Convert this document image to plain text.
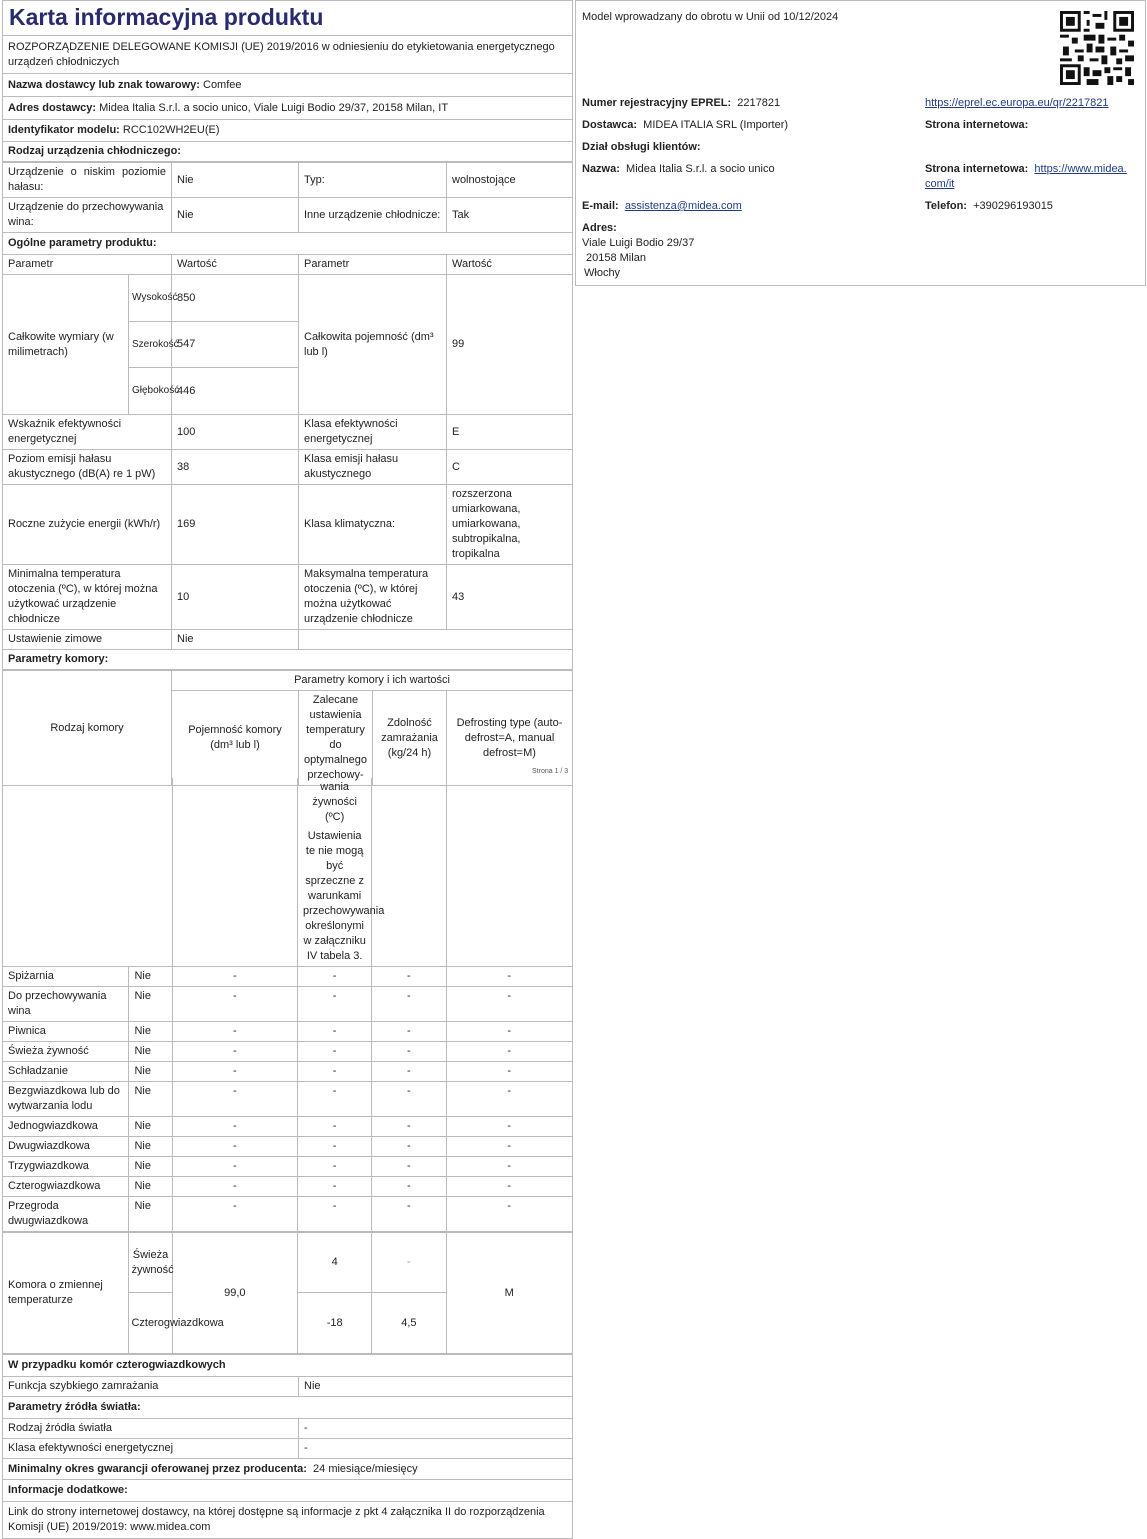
Karta informacyjna produktu
ROZPORZĄDZENIE DELEGOWANE KOMISJI (UE) 2019/2016 w odniesieniu do etykietowania energetycznego urządzeń chłodniczych
Nazwa dostawcy lub znak towarowy: Comfee
Adres dostawcy: Midea Italia S.r.l. a socio unico, Viale Luigi Bodio 29/37, 20158 Milan, IT
Identyfikator modelu: RCC102WH2EU(E)
Rodzaj urządzenia chłodniczego:
Urządzenie o niskim poziomie hałasu:		Nie	Typ:	wolnostojące
Urządzenie do przechowywania wina:		Nie	Inne urządzenie chłodnicze:	Tak
Ogólne parametry produktu:				
Parametr		Wartość	Parametr	Wartość
Całkowite wymiary (w milimetrach)	Wysokość	850	Całkowita pojemność (dm³ lub l)	99
	Szerokość	547		
	Głębokość	446		
Wskaźnik efektywności energetycznej		100	Klasa efektywności energetycznej	E
Poziom emisji hałasu akustycznego (dB(A) re 1 pW)		38	Klasa emisji hałasu akustycznego	C
Roczne zużycie energii (kWh/r)		169	Klasa klimatyczna:	rozszerzona umiarkowana, umiarkowana, subtropikalna, tropikalna
Minimalna temperatura otoczenia (ºC), w której można użytkować urządzenie chłodnicze		10	Maksymalna temperatura otoczenia (ºC), w której można użytkować urządzenie chłodnicze	43
Ustawienie zimowe		Nie		
Parametry komory:				
Rodzaj komory	Parametry komory i ich wartości			
	Pojemność komory (dm³ lub l)	Zalecane ustawienia temperatury do optymalnego przechowy-	Zdolność zamrażania (kg/24 h)	Defrosting type (auto-defrost=A, manual defrost=M)
Strona 1 / 3

			wania żywności (ºC)
Ustawienia te nie mogą być sprzeczne z warunkami przechowywania określonymi w załączniku IV tabela 3.		

Spiżarnia	Nie	-	-	-	-
Do przechowywania wina	Nie	-	-	-	-
Piwnica	Nie	-	-	-	-
Świeża żywność	Nie	-	-	-	-
Schładzanie	Nie	-	-	-	-
Bezgwiazdkowa lub do wytwarzania lodu	Nie	-	-	-	-
Jednogwiazdkowa	Nie	-	-	-	-
Dwugwiazdkowa	Nie	-	-	-	-
Trzygwiazdkowa	Nie	-	-	-	-
Czterogwiazdkowa	Nie	-	-	-	-
Przegroda dwugwiazdkowa	Nie	-	-	-	-
Komora o zmiennej temperaturze	Świeża żywność	99,0	4	-	M
	Czterogwiazdkowa		-18	4,5	
W przypadku komór czterogwiazdkowych	
Funkcja szybkiego zamrażania	Nie
Parametry źródła światła:	
Rodzaj źródła światła	-
Klasa efektywności energetycznej	-
Minimalny okres gwarancji oferowanej przez producenta: 24 miesiące/miesięcy	
Informacje dodatkowe:	
Link do strony internetowej dostawcy, na której dostępne są informacje z pkt 4 załącznika II do rozporządzenia Komisji (UE) 2019/2019: www.midea.com	
Model wprowadzany do obrotu w Unii od 10/12/2024
Numer rejestracyjny EPREL: 2217821	https://eprel.ec.europa.eu/qr/2217821
Dostawca: MIDEA ITALIA SRL (Importer)	Strona internetowa:
Dział obsługi klientów:
Nazwa: Midea Italia S.r.l. a socio unico	Strona internetowa: https://www.midea.com/it
E-mail: assistenza@midea.com	Telefon: +390296193015
Adres:
Viale Luigi Bodio 29/37
20158 Milan
Włochy
